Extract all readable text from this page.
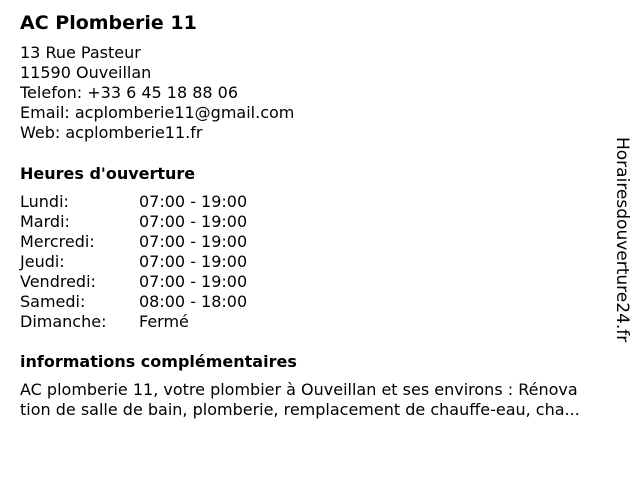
AC Plomberie 11
13 Rue Pasteur
11590 Ouveillan
Telefon: +33 6 45 18 88 06
Email: acplomberie11@gmail.com
Web: acplomberie11.fr
Heures d'ouverture
Lundi:	07:00 - 19:00
Mardi:	07:00 - 19:00
Mercredi:	07:00 - 19:00
Jeudi:	07:00 - 19:00
Vendredi:	07:00 - 19:00
Samedi:	08:00 - 18:00
Dimanche:	Fermé
informations complémentaires
AC plomberie 11, votre plombier à Ouveillan et ses environs : Rénova
tion de salle de bain, plomberie, remplacement de chauffe-eau, cha...
Horairesdouverture24.fr
